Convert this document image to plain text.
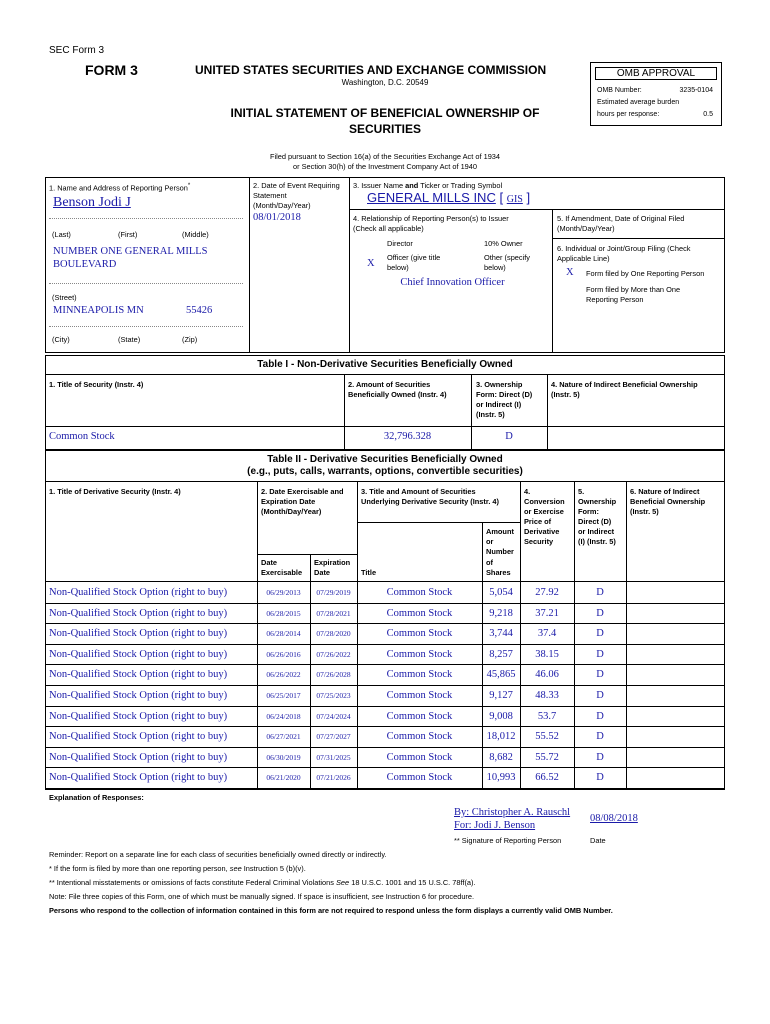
SEC Form 3
FORM 3	UNITED STATES SECURITIES AND EXCHANGE COMMISSION
Washington, D.C. 20549
INITIAL STATEMENT OF BENEFICIAL OWNERSHIP OF
SECURITIES
OMB APPROVAL
OMB Number:	3235-0104
Estimated average burden
hours per response:	0.5
Filed pursuant to Section 16(a) of the Securities Exchange Act of 1934
or Section 30(h) of the Investment Company Act of 1940
1. Name and Address of Reporting Person*
Benson Jodi J
(Last)	(First)	(Middle)
NUMBER ONE GENERAL MILLS
BOULEVARD
(Street)
MINNEAPOLIS MN	55426
(City)	(State)	(Zip)
2. Date of Event Requiring
Statement
(Month/Day/Year)
08/01/2018
3. Issuer Name and Ticker or Trading Symbol
GENERAL MILLS INC [ GIS ]
4. Relationship of Reporting Person(s) to Issuer
(Check all applicable)
Director	10% Owner
X
Officer (give title
below)
Other (specify
below)
Chief Innovation Officer
5. If Amendment, Date of Original Filed
(Month/Day/Year)
6. Individual or Joint/Group Filing (Check
Applicable Line)
X Form filed by One Reporting Person
Form filed by More than One
Reporting Person
Table I - Non-Derivative Securities Beneficially Owned
1. Title of Security (Instr. 4)	2. Amount of Securities
Beneficially Owned (Instr. 4)
3. Ownership
Form: Direct (D)
or Indirect (I)
(Instr. 5)
4. Nature of Indirect Beneficial Ownership
(Instr. 5)
Common Stock	32,796.328	D
Table II - Derivative Securities Beneficially Owned
(e.g., puts, calls, warrants, options, convertible securities)
1. Title of Derivative Security (Instr. 4)	2. Date Exercisable and
Expiration Date
(Month/Day/Year)
3. Title and Amount of Securities
Underlying Derivative Security (Instr. 4)
4.
Conversion
or Exercise
Price of
Derivative
Security
5.
Ownership
Form:
Direct (D)
or Indirect
(I) (Instr. 5)
6. Nature of Indirect
Beneficial Ownership
(Instr. 5)
Amount
or
Number
of
Shares
Date
Exercisable
Expiration
Date	Title
Non-Qualified Stock Option (right to buy)	06/29/2013	07/29/2019	Common Stock	5,054	27.92	D
Non-Qualified Stock Option (right to buy)	06/28/2015	07/28/2021	Common Stock	9,218	37.21	D
Non-Qualified Stock Option (right to buy)	06/28/2014	07/28/2020	Common Stock	3,744	37.4	D
Non-Qualified Stock Option (right to buy)	06/26/2016	07/26/2022	Common Stock	8,257	38.15	D
Non-Qualified Stock Option (right to buy)	06/26/2022	07/26/2028	Common Stock	45,865	46.06	D
Non-Qualified Stock Option (right to buy)	06/25/2017	07/25/2023	Common Stock	9,127	48.33	D
Non-Qualified Stock Option (right to buy)	06/24/2018	07/24/2024	Common Stock	9,008	53.7	D
Non-Qualified Stock Option (right to buy)	06/27/2021	07/27/2027	Common Stock	18,012	55.52	D
Non-Qualified Stock Option (right to buy)	06/30/2019	07/31/2025	Common Stock	8,682	55.72	D
Non-Qualified Stock Option (right to buy)	06/21/2020	07/21/2026	Common Stock	10,993	66.52	D
Explanation of Responses:
By: Christopher A. Rauschl
For: Jodi J. Benson
08/08/2018
** Signature of Reporting Person	Date
Reminder: Report on a separate line for each class of securities beneficially owned directly or indirectly.
* If the form is filed by more than one reporting person, see Instruction 5 (b)(v).
** Intentional misstatements or omissions of facts constitute Federal Criminal Violations See 18 U.S.C. 1001 and 15 U.S.C. 78ff(a).
Note: File three copies of this Form, one of which must be manually signed. If space is insufficient, see Instruction 6 for procedure.
Persons who respond to the collection of information contained in this form are not required to respond unless the form displays a currently valid OMB Number.
